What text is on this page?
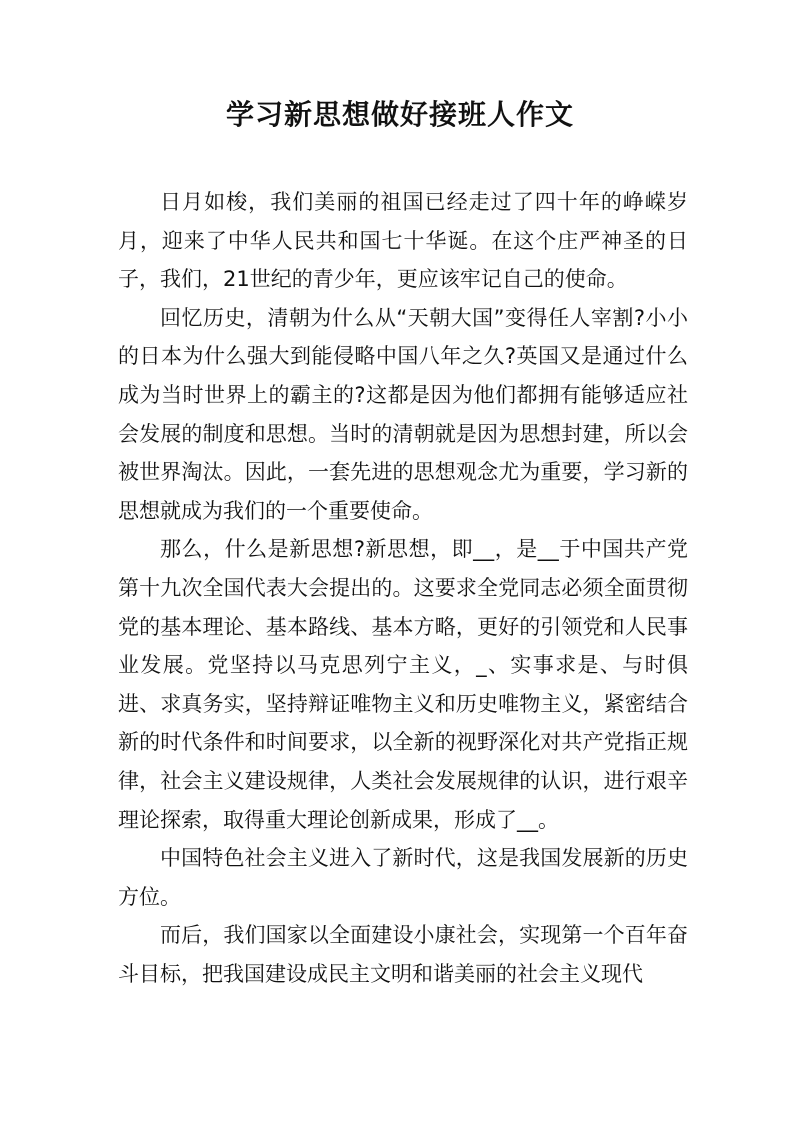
学习新思想做好接班人作文

日月如梭，我们美丽的祖国已经走过了四十年的峥嵘岁月，迎来了中华人民共和国七十华诞。在这个庄严神圣的日子，我们，21世纪的青少年，更应该牢记自己的使命。

回忆历史，清朝为什么从“天朝大国”变得任人宰割?小小的日本为什么强大到能侵略中国八年之久?英国又是通过什么成为当时世界上的霸主的?这都是因为他们都拥有能够适应社会发展的制度和思想。当时的清朝就是因为思想封建，所以会被世界淘汰。因此，一套先进的思想观念尤为重要，学习新的思想就成为我们的一个重要使命。

那么，什么是新思想?新思想，即__，是__于中国共产党第十九次全国代表大会提出的。这要求全党同志必须全面贯彻党的基本理论、基本路线、基本方略，更好的引领党和人民事业发展。党坚持以马克思列宁主义，_、实事求是、与时俱进、求真务实，坚持辩证唯物主义和历史唯物主义，紧密结合新的时代条件和时间要求，以全新的视野深化对共产党指正规律，社会主义建设规律，人类社会发展规律的认识，进行艰辛理论探索，取得重大理论创新成果，形成了__。

中国特色社会主义进入了新时代，这是我国发展新的历史方位。

而后，我们国家以全面建设小康社会，实现第一个百年奋斗目标，把我国建设成民主文明和谐美丽的社会主义现代
